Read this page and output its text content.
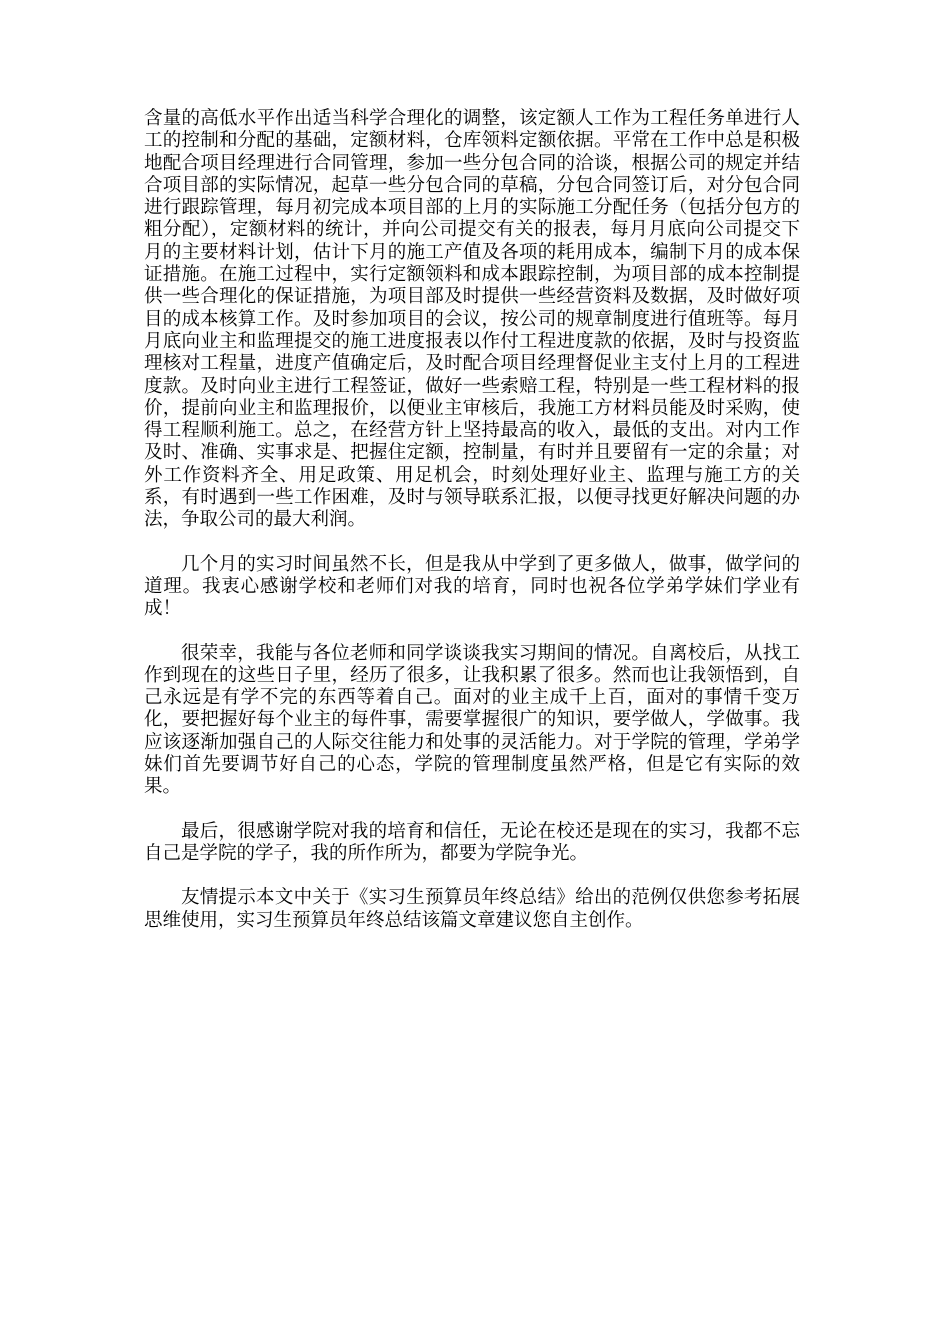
含量的高低水平作出适当科学合理化的调整，该定额人工作为工程任务单进行人工的控制和分配的基础，定额材料，仓库领料定额依据。平常在工作中总是积极地配合项目经理进行合同管理，参加一些分包合同的洽谈，根据公司的规定并结合项目部的实际情况，起草一些分包合同的草稿，分包合同签订后，对分包合同进行跟踪管理，每月初完成本项目部的上月的实际施工分配任务（包括分包方的粗分配），定额材料的统计，并向公司提交有关的报表，每月月底向公司提交下月的主要材料计划，估计下月的施工产值及各项的耗用成本，编制下月的成本保证措施。在施工过程中，实行定额领料和成本跟踪控制，为项目部的成本控制提供一些合理化的保证措施，为项目部及时提供一些经营资料及数据，及时做好项目的成本核算工作。及时参加项目的会议，按公司的规章制度进行值班等。每月月底向业主和监理提交的施工进度报表以作付工程进度款的依据，及时与投资监理核对工程量，进度产值确定后，及时配合项目经理督促业主支付上月的工程进度款。及时向业主进行工程签证，做好一些索赔工程，特别是一些工程材料的报价，提前向业主和监理报价，以便业主审核后，我施工方材料员能及时采购，使得工程顺利施工。总之，在经营方针上坚持最高的收入，最低的支出。对内工作及时、准确、实事求是、把握住定额，控制量，有时并且要留有一定的余量；对外工作资料齐全、用足政策、用足机会，时刻处理好业主、监理与施工方的关系，有时遇到一些工作困难，及时与领导联系汇报，以便寻找更好解决问题的办法，争取公司的最大利润。

几个月的实习时间虽然不长，但是我从中学到了更多做人，做事，做学问的道理。我衷心感谢学校和老师们对我的培育，同时也祝各位学弟学妹们学业有成！

很荣幸，我能与各位老师和同学谈谈我实习期间的情况。自离校后，从找工作到现在的这些日子里，经历了很多，让我积累了很多。然而也让我领悟到，自己永远是有学不完的东西等着自己。面对的业主成千上百，面对的事情千变万化，要把握好每个业主的每件事，需要掌握很广的知识，要学做人，学做事。我应该逐渐加强自己的人际交往能力和处事的灵活能力。对于学院的管理，学弟学妹们首先要调节好自己的心态，学院的管理制度虽然严格，但是它有实际的效果。

最后，很感谢学院对我的培育和信任，无论在校还是现在的实习，我都不忘自己是学院的学子，我的所作所为，都要为学院争光。

友情提示本文中关于《实习生预算员年终总结》给出的范例仅供您参考拓展思维使用，实习生预算员年终总结该篇文章建议您自主创作。
